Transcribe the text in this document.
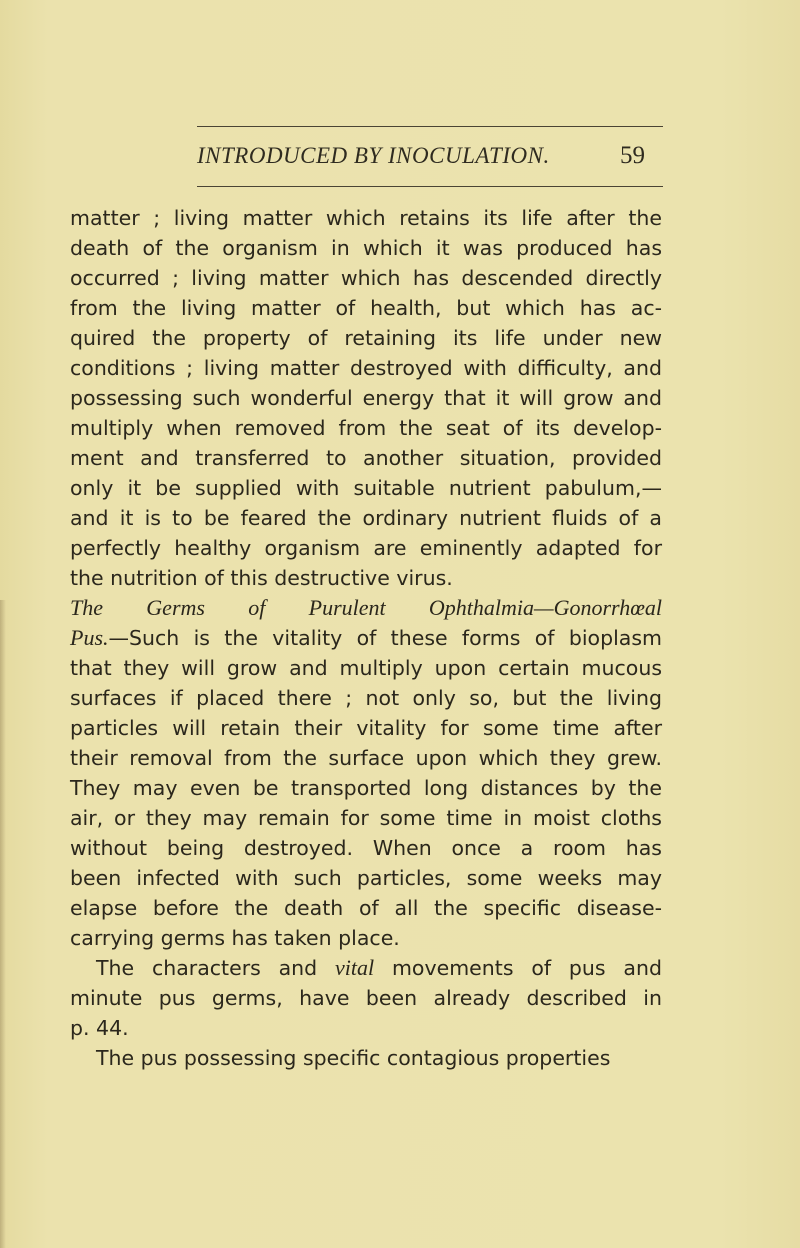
INTRODUCED BY INOCULATION.	59
matter ; living matter which retains its life after the
death of the organism in which it was produced has
occurred ; living matter which has descended directly
from the living matter of health, but which has ac-
quired the property of retaining its life under new
conditions ; living matter destroyed with difficulty, and
possessing such wonderful energy that it will grow and
multiply when removed from the seat of its develop-
ment and transferred to another situation, provided
only it be supplied with suitable nutrient pabulum,—
and it is to be feared the ordinary nutrient fluids of a
perfectly healthy organism are eminently adapted for
the nutrition of this destructive virus.
The Germs of Purulent Ophthalmia—Gonorrhœal
Pus.—Such is the vitality of these forms of bioplasm
that they will grow and multiply upon certain mucous
surfaces if placed there ; not only so, but the living
particles will retain their vitality for some time after
their removal from the surface upon which they grew.
They may even be transported long distances by the
air, or they may remain for some time in moist cloths
without being destroyed. When once a room has
been infected with such particles, some weeks may
elapse before the death of all the specific disease-
carrying germs has taken place.
The characters and vital movements of pus and
minute pus germs, have been already described in
p. 44.
The pus possessing specific contagious properties
